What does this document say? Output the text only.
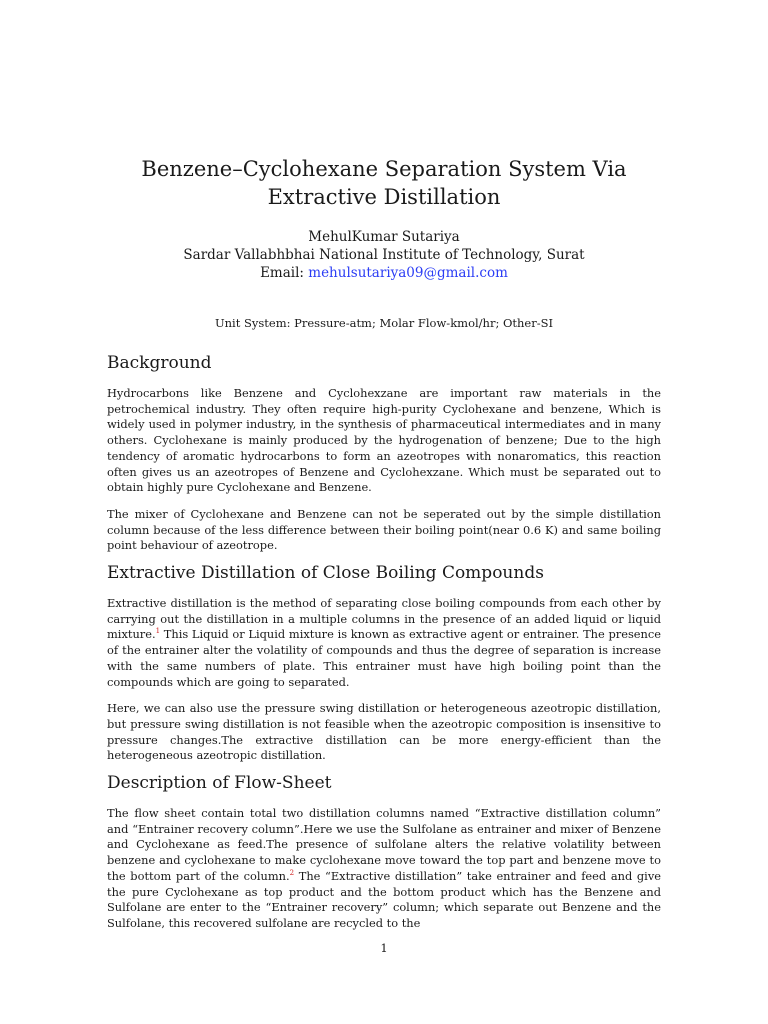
Benzene–Cyclohexane Separation System Via
Extractive Distillation
MehulKumar Sutariya
Sardar Vallabhbhai National Institute of Technology, Surat
Email: mehulsutariya09@gmail.com
Unit System: Pressure-atm; Molar Flow-kmol/hr; Other-SI
Background

Hydrocarbons like Benzene and Cyclohexzane are important raw materials in the petrochemical industry. They often require high-purity Cyclohexane and benzene, Which is widely used in polymer industry, in the synthesis of pharmaceutical intermediates and in many others. Cyclohexane is mainly produced by the hydrogenation of benzene; Due to the high tendency of aromatic hydrocarbons to form an azeotropes with nonaromatics, this reaction often gives us an azeotropes of Benzene and Cyclohexzane. Which must be separated out to obtain highly pure Cyclohexane and Benzene.

The mixer of Cyclohexane and Benzene can not be seperated out by the simple distillation column because of the less difference between their boiling point(near 0.6 K) and same boiling point behaviour of azeotrope.

Extractive Distillation of Close Boiling Compounds

Extractive distillation is the method of separating close boiling compounds from each other by carrying out the distillation in a multiple columns in the presence of an added liquid or liquid mixture.$^1$ This Liquid or Liquid mixture is known as extractive agent or entrainer. The presence of the entrainer alter the volatility of compounds and thus the degree of separation is increase with the same numbers of plate. This entrainer must have high boiling point than the compounds which are going to separated.

Here, we can also use the pressure swing distillation or heterogeneous azeotropic distillation, but pressure swing distillation is not feasible when the azeotropic composition is insensitive to pressure changes.The extractive distillation can be more energy-efficient than the heterogeneous azeotropic distillation.

Description of Flow-Sheet

The flow sheet contain total two distillation columns named “Extractive distillation column” and “Entrainer recovery column”.Here we use the Sulfolane as entrainer and mixer of Benzene and Cyclohexane as feed.The presence of sulfolane alters the relative volatility between benzene and cyclohexane to make cyclohexane move toward the top part and benzene move to the bottom part of the column.$^2$ The “Extractive distillation” take entrainer and feed and give the pure Cyclohexane as top product and the bottom product which has the Benzene and Sulfolane are enter to the “Entrainer recovery” column; which separate out Benzene and the Sulfolane, this recovered sulfolane are recycled to the

1
